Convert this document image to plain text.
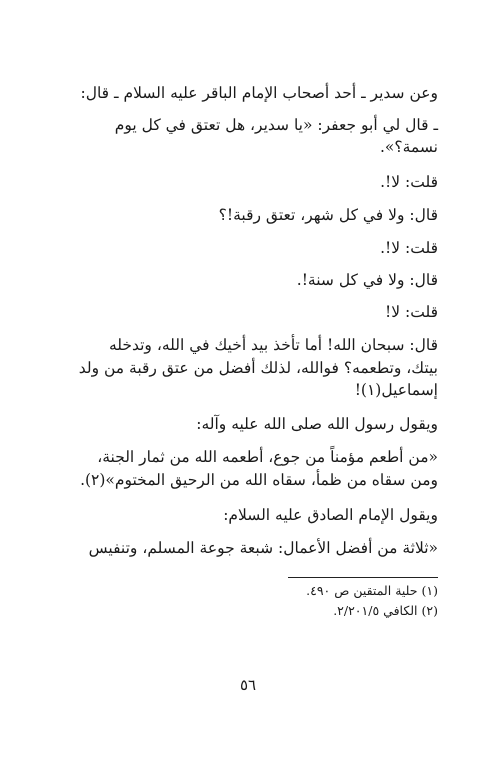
وعن سدير ـ أحد أصحاب الإمام الباقر عليه السلام ـ قال:
ـ قال لي أبو جعفر: «يا سدير، هل تعتق في كل يوم
نسمة؟».
قلت: لا!.
قال: ولا في كل شهر، تعتق رقبة!؟
قلت: لا!.
قال: ولا في كل سنة!.
قلت: لا!
قال: سبحان الله! أما تأخذ بيد أخيك في الله، وتدخله
بيتك، وتطعمه؟ فوالله، لذلك أفضل من عتق رقبة من ولد
إسماعيل(١)!
ويقول رسول الله صلى الله عليه وآله:
«من أطعم مؤمناً من جوع، أطعمه الله من ثمار الجنة،
ومن سقاه من ظمأ، سقاه الله من الرحيق المختوم»(٢).
ويقول الإمام الصادق عليه السلام:
«ثلاثة من أفضل الأعمال: شبعة جوعة المسلم، وتنفيس
(١) حلية المتقين ص ٤٩٠.
(٢) الكافي ٢/٢٠١/٥.
٥٦
